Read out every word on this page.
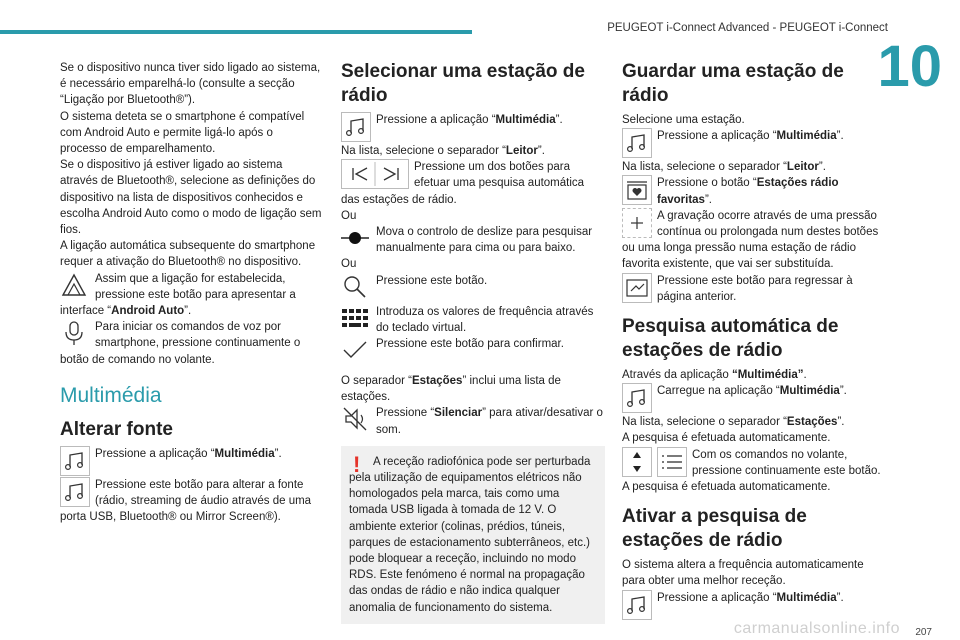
PEUGEOT i-Connect Advanced - PEUGEOT i-Connect
10

Se o dispositivo nunca tiver sido ligado ao sistema, é necessário emparelhá-lo (consulte a secção “Ligação por Bluetooth®”).

O sistema deteta se o smartphone é compatível com Android Auto e permite ligá-lo após o processo de emparelhamento.

Se o dispositivo já estiver ligado ao sistema através de Bluetooth®, selecione as definições do dispositivo na lista de dispositivos conhecidos e escolha Android Auto como o modo de ligação sem fios.

A ligação automática subsequente do smartphone requer a ativação do Bluetooth® no dispositivo.

Assim que a ligação for estabelecida, pressione este botão para apresentar a interface “Android Auto”.

Para iniciar os comandos de voz por smartphone, pressione continuamente o botão de comando no volante.

Multimédia
Alterar fonte

Pressione a aplicação “Multimédia”.

Pressione este botão para alterar a fonte (rádio, streaming de áudio através de uma porta USB, Bluetooth® ou Mirror Screen®).

Selecionar uma estação de rádio

Pressione a aplicação “Multimédia”.

Na lista, selecione o separador “Leitor”.

Pressione um dos botões para efetuar uma pesquisa automática das estações de rádio.

Ou

Mova o controlo de deslize para pesquisar manualmente para cima ou para baixo.

Ou

Pressione este botão.

Introduza os valores de frequência através do teclado virtual.

Pressione este botão para confirmar.

O separador “Estações” inclui uma lista de estações.

Pressione “Silenciar” para ativar/desativar o som.

!	A receção radiofónica pode ser perturbada pela utilização de equipamentos elétricos não homologados pela marca, tais como uma tomada USB ligada à tomada de 12 V. O ambiente exterior (colinas, prédios, túneis, parques de estacionamento subterrâneos, etc.) pode bloquear a receção, incluindo no modo RDS. Este fenómeno é normal na propagação das ondas de rádio e não indica qualquer anomalia de funcionamento do sistema.

Guardar uma estação de rádio

Selecione uma estação.

Pressione a aplicação “Multimédia”.

Na lista, selecione o separador “Leitor”.

Pressione o botão “Estações rádio favoritas”.

A gravação ocorre através de uma pressão contínua ou prolongada num destes botões ou uma longa pressão numa estação de rádio favorita existente, que vai ser substituída.

Pressione este botão para regressar à página anterior.

Pesquisa automática de estações de rádio

Através da aplicação “Multimédia”.

Carregue na aplicação “Multimédia”.

Na lista, selecione o separador “Estações”.

A pesquisa é efetuada automaticamente.

Com os comandos no volante, pressione continuamente este botão.

A pesquisa é efetuada automaticamente.

Ativar a pesquisa de estações de rádio

O sistema altera a frequência automaticamente para obter uma melhor receção.

Pressione a aplicação “Multimédia”.

carmanualsonline.info 207
